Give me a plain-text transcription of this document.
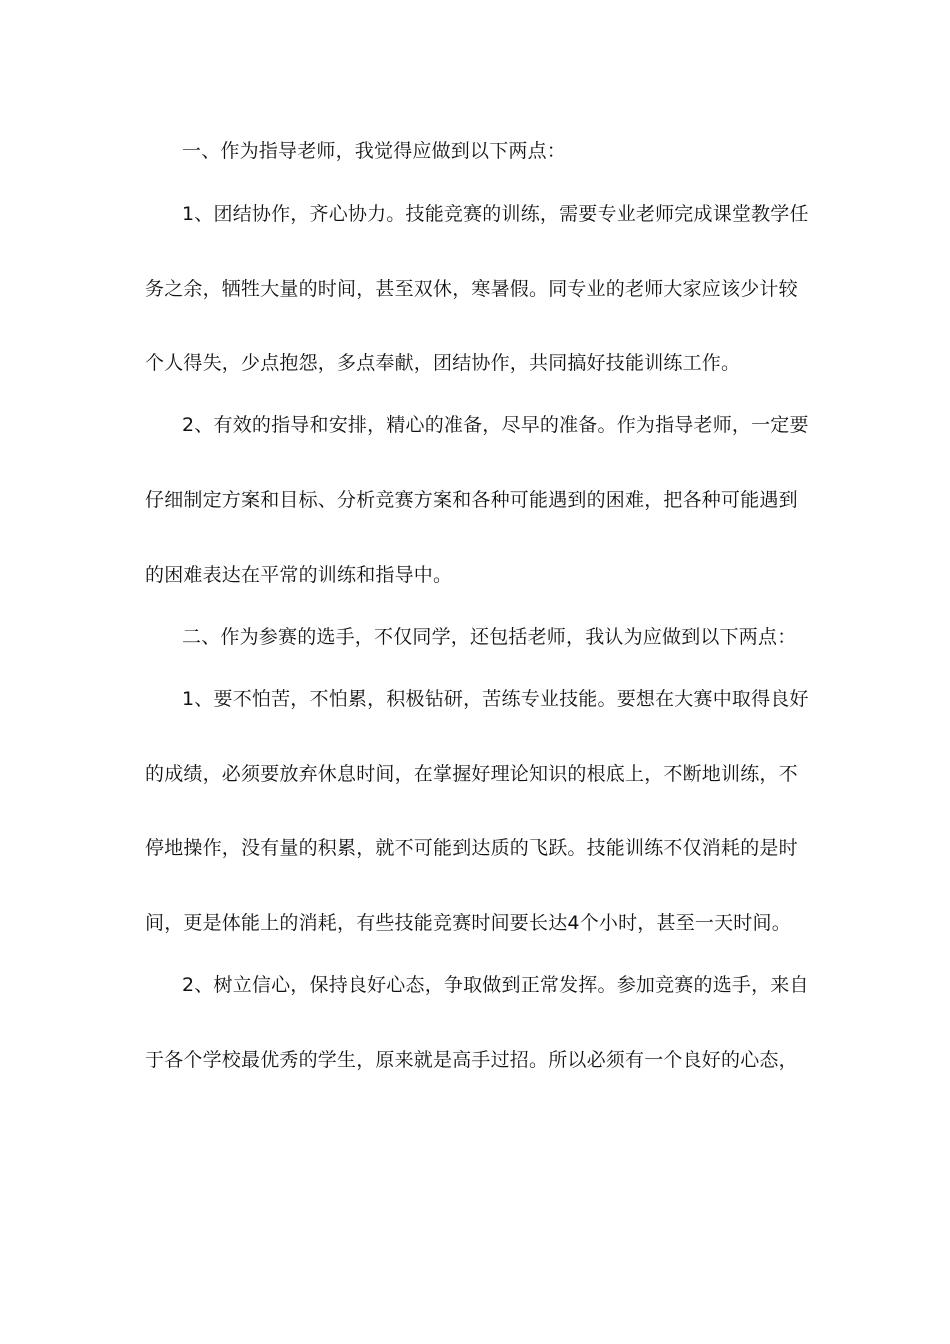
一、作为指导老师，我觉得应做到以下两点：
1、团结协作，齐心协力。技能竞赛的训练，需要专业老师完成课堂教学任
务之余，牺牲大量的时间，甚至双休，寒暑假。同专业的老师大家应该少计较
个人得失，少点抱怨，多点奉献，团结协作，共同搞好技能训练工作。
2、有效的指导和安排，精心的准备，尽早的准备。作为指导老师，一定要
仔细制定方案和目标、分析竞赛方案和各种可能遇到的困难，把各种可能遇到
的困难表达在平常的训练和指导中。
二、作为参赛的选手，不仅同学，还包括老师，我认为应做到以下两点：
1、要不怕苦，不怕累，积极钻研，苦练专业技能。要想在大赛中取得良好
的成绩，必须要放弃休息时间，在掌握好理论知识的根底上，不断地训练，不
停地操作，没有量的积累，就不可能到达质的飞跃。技能训练不仅消耗的是时
间，更是体能上的消耗，有些技能竞赛时间要长达4个小时，甚至一天时间。
2、树立信心，保持良好心态，争取做到正常发挥。参加竞赛的选手，来自
于各个学校最优秀的学生，原来就是高手过招。所以必须有一个良好的心态，
